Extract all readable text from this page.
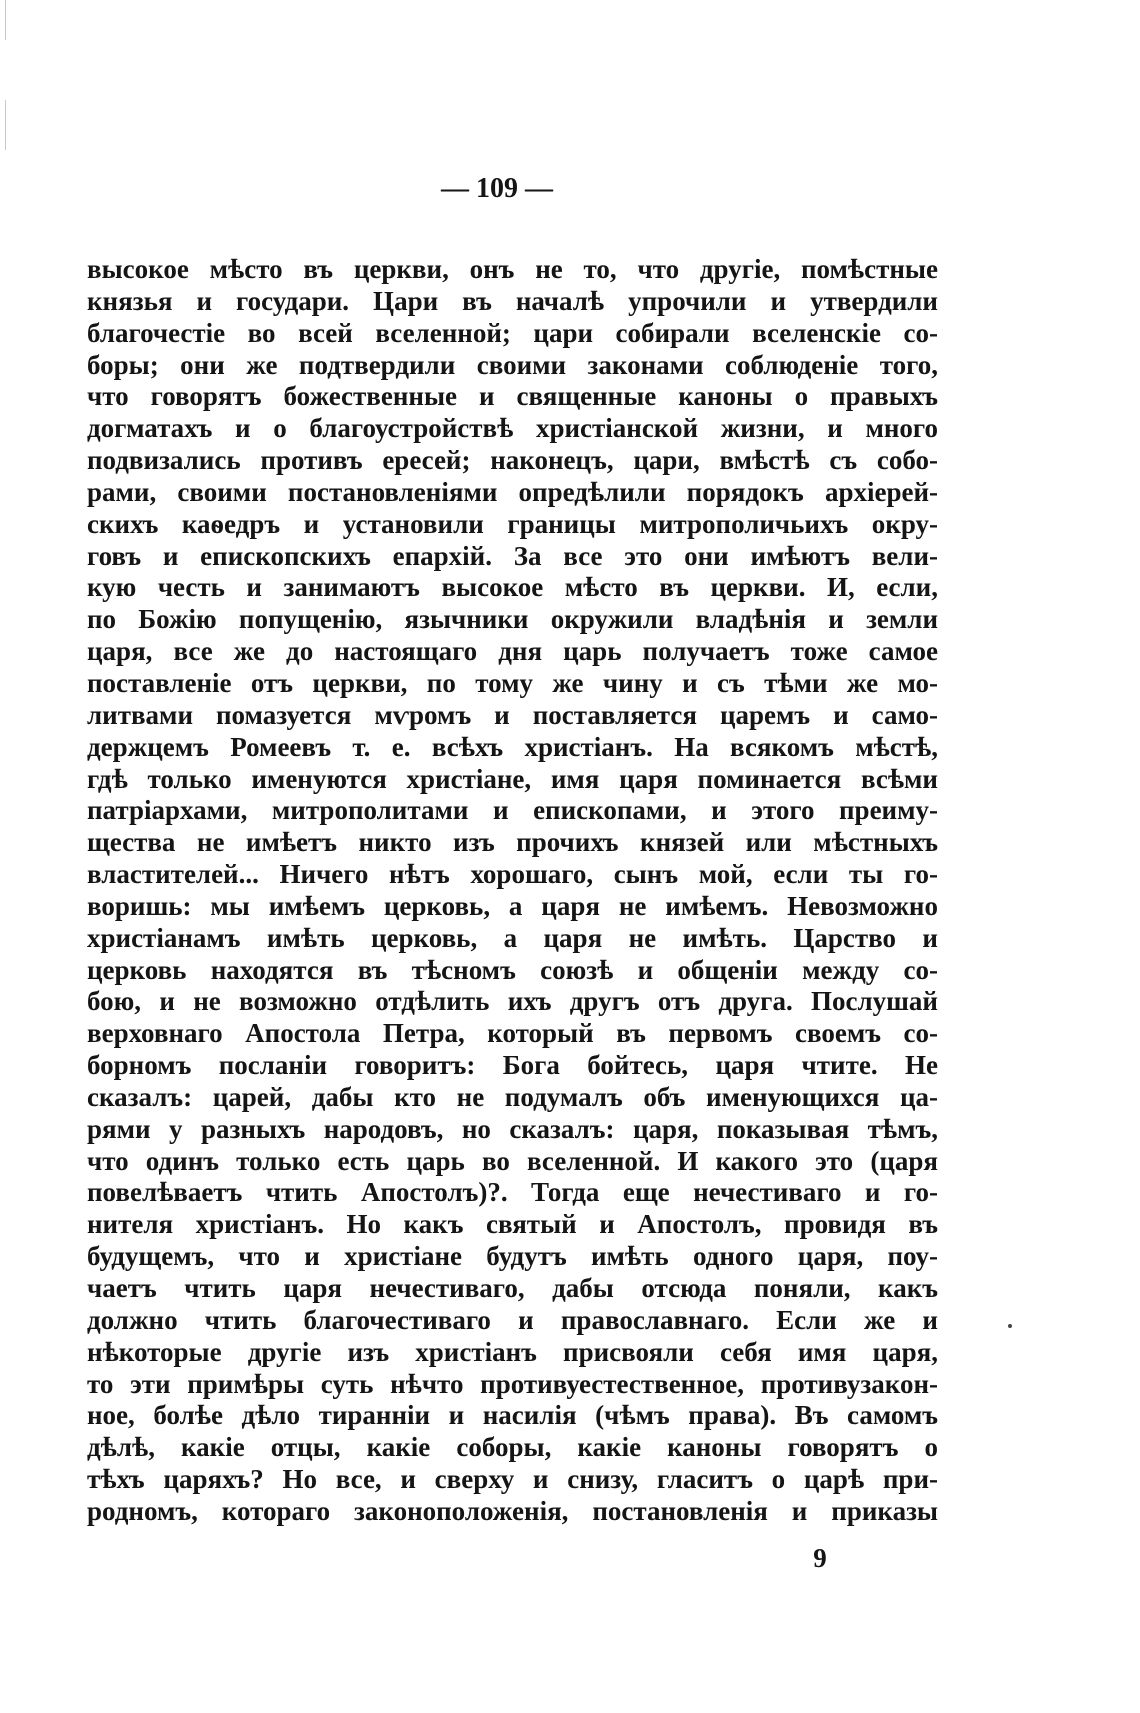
— 109 —
высокое мѣсто въ церкви, онъ не то, что другіе, помѣстные
князья и государи. Цари въ началѣ упрочили и утвердили
благочестіе во всей вселенной; цари собирали вселенскіе со-
боры; они же подтвердили своими законами соблюденіе того,
что говорятъ божественные и священные каноны о правыхъ
догматахъ и о благоустройствѣ христіанской жизни, и много
подвизались противъ ересей; наконецъ, цари, вмѣстѣ съ собо-
рами, своими постановленіями опредѣлили порядокъ архіерей-
скихъ каѳедръ и установили границы митрополичьихъ окру-
говъ и епископскихъ епархій. За все это они имѣютъ вели-
кую честь и занимаютъ высокое мѣсто въ церкви. И, если,
по Божію попущенію, язычники окружили владѣнія и земли
царя, все же до настоящаго дня царь получаетъ тоже самое
поставленіе отъ церкви, по тому же чину и съ тѣми же мо-
литвами помазуется мѵромъ и поставляется царемъ и само-
держцемъ Ромеевъ т. е. всѣхъ христіанъ. На всякомъ мѣстѣ,
гдѣ только именуются христіане, имя царя поминается всѣми
патріархами, митрополитами и епископами, и этого преиму-
щества не имѣетъ никто изъ прочихъ князей или мѣстныхъ
властителей... Ничего нѣтъ хорошаго, сынъ мой, если ты го-
воришь: мы имѣемъ церковь, а царя не имѣемъ. Невозможно
христіанамъ имѣть церковь, а царя не имѣть. Царство и
церковь находятся въ тѣсномъ союзѣ и общеніи между со-
бою, и не возможно отдѣлить ихъ другъ отъ друга. Послушай
верховнаго Апостола Петра, который въ первомъ своемъ со-
борномъ посланіи говоритъ: Бога бойтесь, царя чтите. Не
сказалъ: царей, дабы кто не подумалъ объ именующихся ца-
рями у разныхъ народовъ, но сказалъ: царя, показывая тѣмъ,
что одинъ только есть царь во вселенной. И какого это (царя
повелѣваетъ чтить Апостолъ)?. Тогда еще нечестиваго и го-
нителя христіанъ. Но какъ святый и Апостолъ, провидя въ
будущемъ, что и христіане будутъ имѣть одного царя, поу-
чаетъ чтить царя нечестиваго, дабы отсюда поняли, какъ
должно чтить благочестиваго и православнаго. Если же и
нѣкоторые другіе изъ христіанъ присвояли себя имя царя,
то эти примѣры суть нѣчто противуестественное, противузакон-
ное, болѣе дѣло тиранніи и насилія (чѣмъ права). Въ самомъ
дѣлѣ, какіе отцы, какіе соборы, какіе каноны говорятъ о
тѣхъ царяхъ? Но все, и сверху и снизу, гласитъ о царѣ при-
родномъ, котораго законоположенія, постановленія и приказы
9
